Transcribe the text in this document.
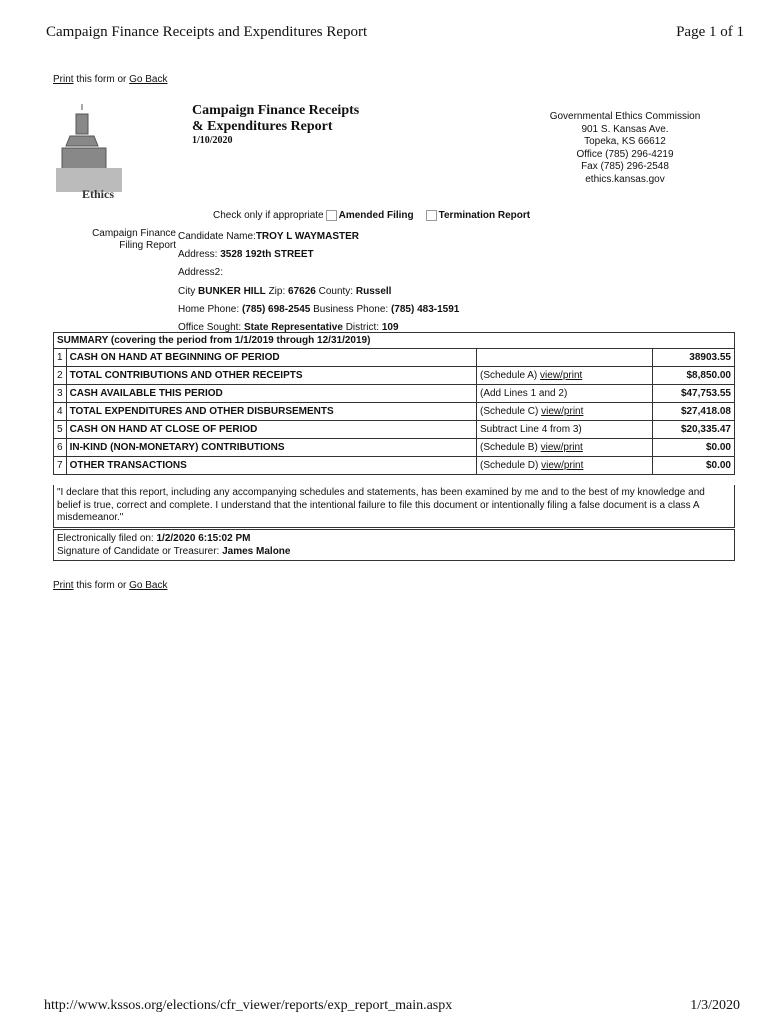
Campaign Finance Receipts and Expenditures Report	Page 1 of 1
Print this form or Go Back
Ethics
Campaign Finance Receipts
& Expenditures Report
1/10/2020
Governmental Ethics Commission
901 S. Kansas Ave.
Topeka, KS 66612
Office (785) 296-4219
Fax (785) 296-2548
ethics.kansas.gov
Check only if appropriate Amended Filing	Termination Report
Campaign Finance
Filing Report
Candidate Name:TROY L WAYMASTER
Address: 3528 192th STREET
Address2:
City BUNKER HILL Zip: 67626 County: Russell
Home Phone: (785) 698-2545 Business Phone: (785) 483-1591
Office Sought: State Representative District: 109
SUMMARY (covering the period from 1/1/2019 through 12/31/2019)			
1	CASH ON HAND AT BEGINNING OF PERIOD		38903.55
2	TOTAL CONTRIBUTIONS AND OTHER RECEIPTS	(Schedule A) view/print	$8,850.00
3	CASH AVAILABLE THIS PERIOD	(Add Lines 1 and 2)	$47,753.55
4	TOTAL EXPENDITURES AND OTHER DISBURSEMENTS	(Schedule C) view/print	$27,418.08
5	CASH ON HAND AT CLOSE OF PERIOD	Subtract Line 4 from 3)	$20,335.47
6	IN-KIND (NON-MONETARY) CONTRIBUTIONS	(Schedule B) view/print	$0.00
7	OTHER TRANSACTIONS	(Schedule D) view/print	$0.00
"I declare that this report, including any accompanying schedules and statements, has been examined by me and to the best of my knowledge and belief is true, correct and complete. I understand that the intentional failure to file this document or intentionally filing a false document is a class A misdemeanor."
Electronically filed on: 1/2/2020 6:15:02 PM
Signature of Candidate or Treasurer: James Malone
Print this form or Go Back
http://www.kssos.org/elections/cfr_viewer/reports/exp_report_main.aspx	1/3/2020
